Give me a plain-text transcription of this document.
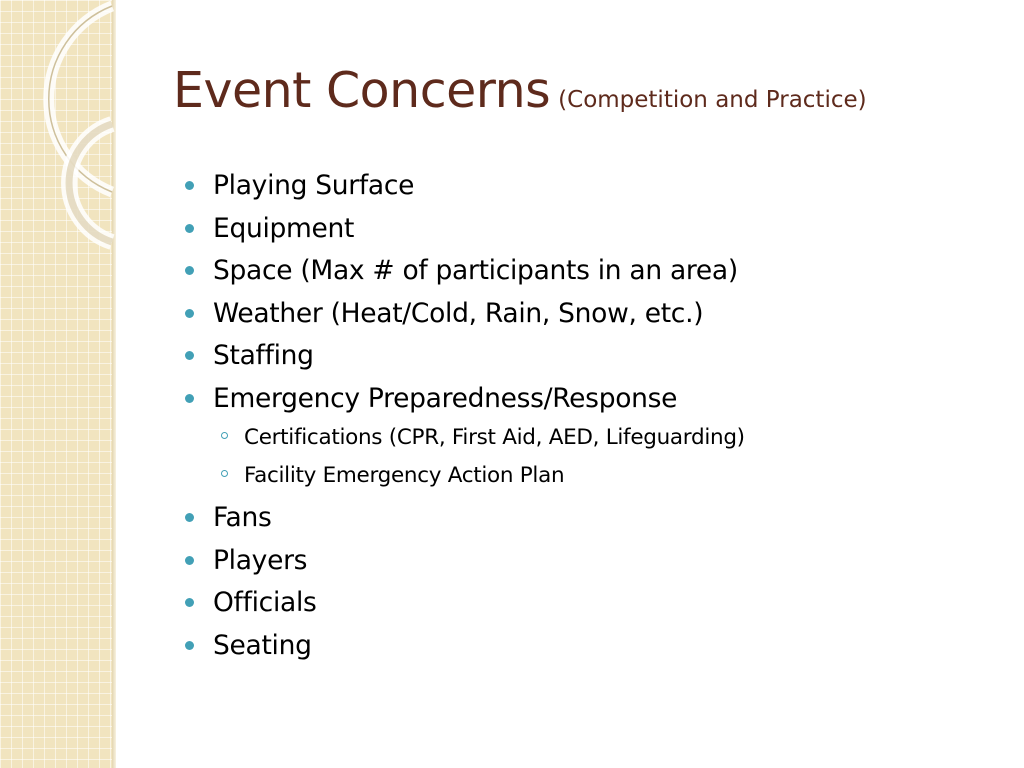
Event Concerns (Competition and Practice)
Playing Surface
Equipment
Space (Max # of participants in an area)
Weather (Heat/Cold, Rain, Snow, etc.)
Staffing
Emergency Preparedness/Response
Certifications (CPR, First Aid, AED, Lifeguarding)
Facility Emergency Action Plan
Fans
Players
Officials
Seating
